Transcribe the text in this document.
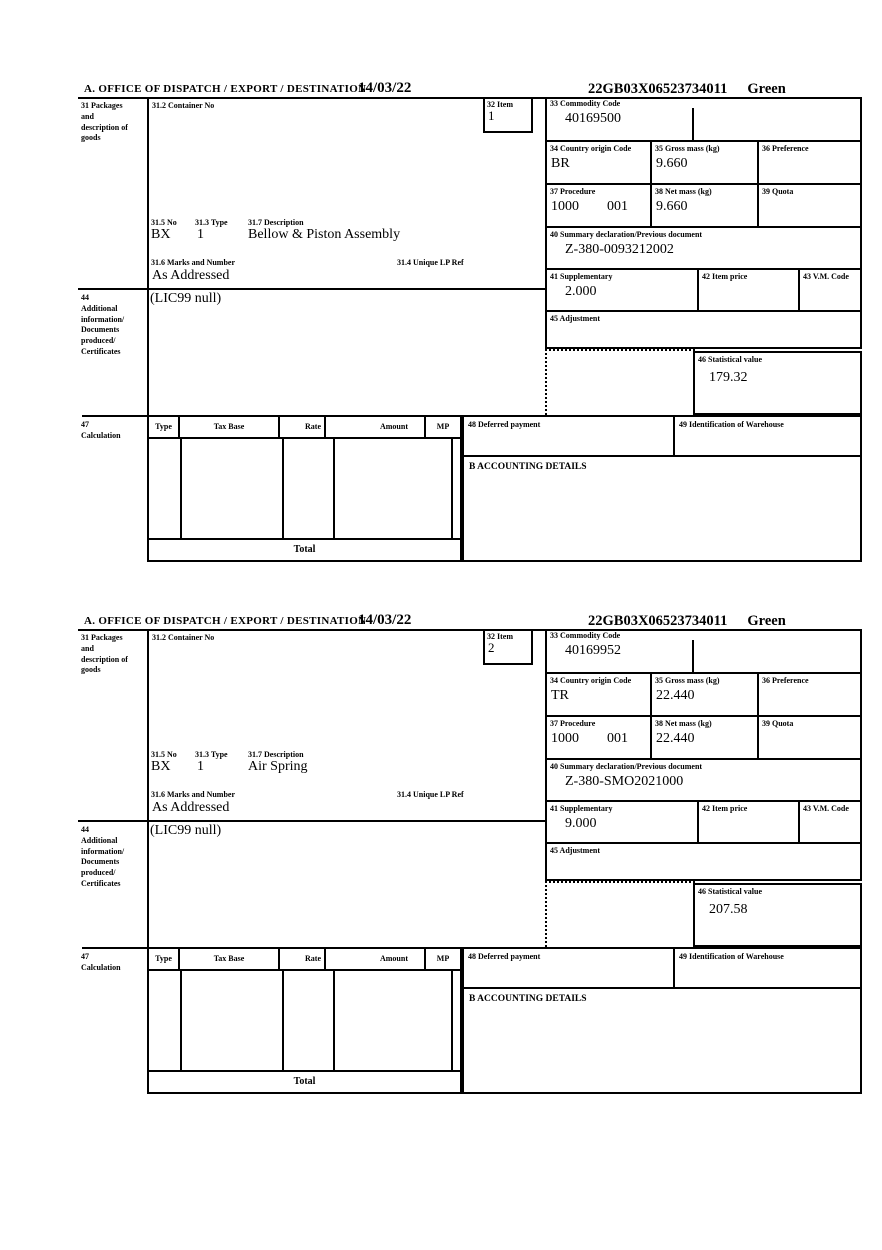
A. OFFICE OF DISPATCH / EXPORT / DESTINATION
14/03/22	22GB03X06523734011 Green
31 Packages and description of goods
31.2 Container No	32 Item
1
31.5 No 31.3 Type	31.7 Description
BX 1	Bellow & Piston Assembly
31.6 Marks and Number	31.4 Unique LP Ref
As Addressed
44 Additional information/ Documents produced/ Certificates
(LIC99 null)
33 Commodity Code
40169500
34 Country origin Code
BR
35 Gross mass (kg)
9.660
36 Preference
37 Procedure
1000 001
38 Net mass (kg)
9.660
39 Quota
40 Summary declaration/Previous document
Z-380-0093212002
41 Supplementary
2.000
42 Item price	43 V.M. Code
45 Adjustment
46 Statistical value
179.32
47 Calculation
Type	Tax Base	Rate	Amount	MP
Total
48 Deferred payment	49 Identification of Warehouse
B ACCOUNTING DETAILS
A. OFFICE OF DISPATCH / EXPORT / DESTINATION
14/03/22	22GB03X06523734011 Green
31 Packages and description of goods
31.2 Container No	32 Item
2
31.5 No 31.3 Type	31.7 Description
BX 1	Air Spring
31.6 Marks and Number	31.4 Unique LP Ref
As Addressed
44 Additional information/ Documents produced/ Certificates
(LIC99 null)
33 Commodity Code
40169952
34 Country origin Code
TR
35 Gross mass (kg)
22.440
36 Preference
37 Procedure
1000 001
38 Net mass (kg)
22.440
39 Quota
40 Summary declaration/Previous document
Z-380-SMO2021000
41 Supplementary
9.000
42 Item price	43 V.M. Code
45 Adjustment
46 Statistical value
207.58
47 Calculation
Type	Tax Base	Rate	Amount	MP
Total
48 Deferred payment	49 Identification of Warehouse
B ACCOUNTING DETAILS
